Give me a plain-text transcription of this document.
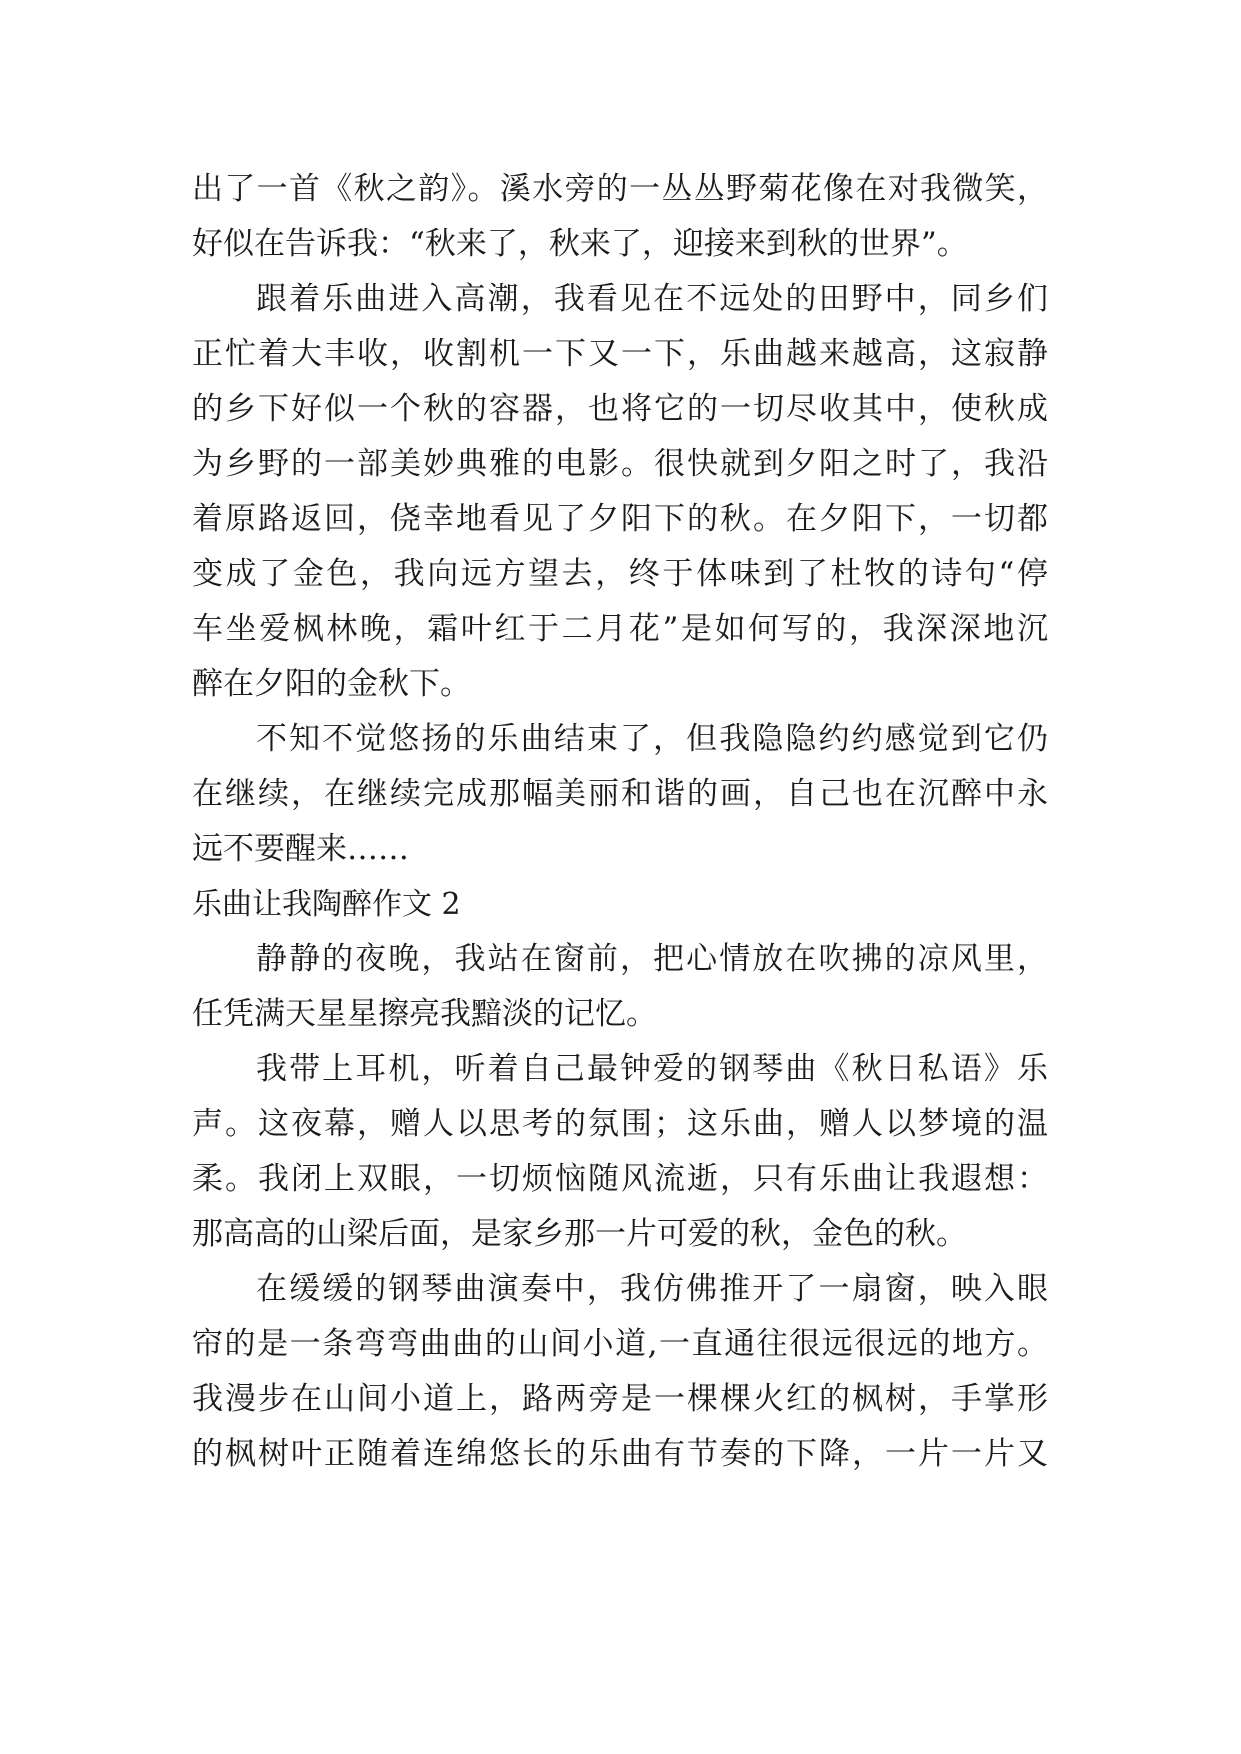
出了一首《秋之韵》。溪水旁的一丛丛野菊花像在对我微笑，
好似在告诉我：“秋来了，秋来了，迎接来到秋的世界”。
跟着乐曲进入高潮，我看见在不远处的田野中，同乡们
正忙着大丰收，收割机一下又一下，乐曲越来越高，这寂静
的乡下好似一个秋的容器，也将它的一切尽收其中，使秋成
为乡野的一部美妙典雅的电影。很快就到夕阳之时了，我沿
着原路返回，侥幸地看见了夕阳下的秋。在夕阳下，一切都
变成了金色，我向远方望去，终于体味到了杜牧的诗句“停
车坐爱枫林晚，霜叶红于二月花”是如何写的，我深深地沉
醉在夕阳的金秋下。
不知不觉悠扬的乐曲结束了，但我隐隐约约感觉到它仍
在继续，在继续完成那幅美丽和谐的画，自己也在沉醉中永
远不要醒来……
乐曲让我陶醉作文 2
静静的夜晚，我站在窗前，把心情放在吹拂的凉风里，
任凭满天星星擦亮我黯淡的记忆。
我带上耳机，听着自己最钟爱的钢琴曲《秋日私语》乐
声。这夜幕，赠人以思考的氛围；这乐曲，赠人以梦境的温
柔。我闭上双眼，一切烦恼随风流逝，只有乐曲让我遐想：
那高高的山梁后面，是家乡那一片可爱的秋，金色的秋。
在缓缓的钢琴曲演奏中，我仿佛推开了一扇窗，映入眼
帘的是一条弯弯曲曲的山间小道,一直通往很远很远的地方。
我漫步在山间小道上，路两旁是一棵棵火红的枫树，手掌形
的枫树叶正随着连绵悠长的乐曲有节奏的下降，一片一片又
